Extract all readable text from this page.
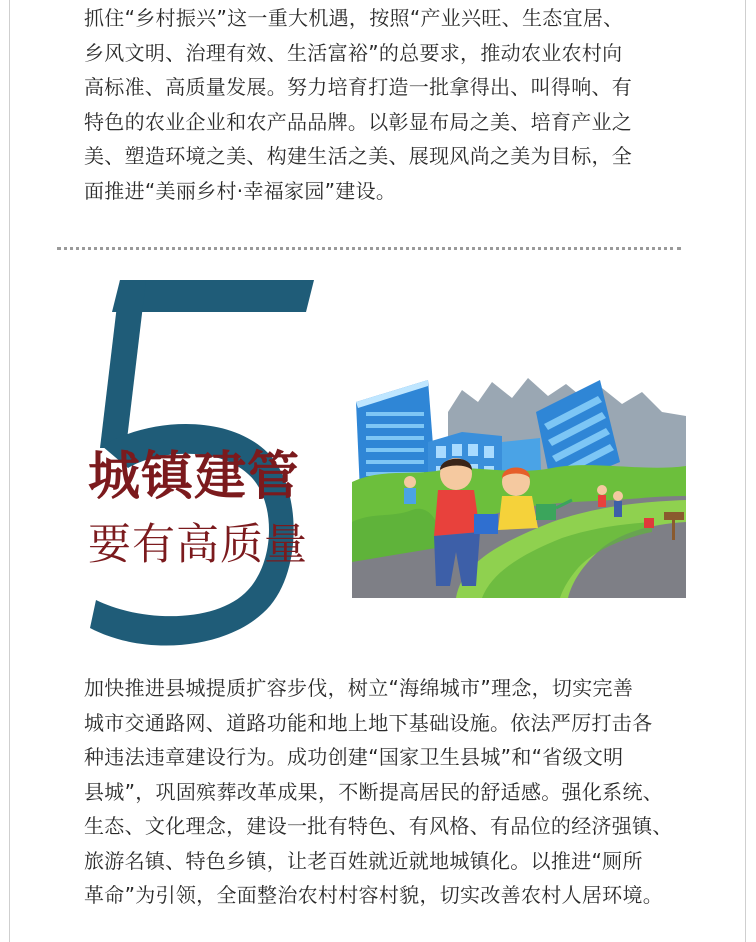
抓住“乡村振兴”这一重大机遇，按照“产业兴旺、生态宜居、
乡风文明、治理有效、生活富裕”的总要求，推动农业农村向
高标准、高质量发展。努力培育打造一批拿得出、叫得响、有
特色的农业企业和农产品品牌。以彰显布局之美、培育产业之
美、塑造环境之美、构建生活之美、展现风尚之美为目标，全
面推进“美丽乡村·幸福家园”建设。
城镇建管
要有高质量
加快推进县城提质扩容步伐，树立“海绵城市”理念，切实完善
城市交通路网、道路功能和地上地下基础设施。依法严厉打击各
种违法违章建设行为。成功创建“国家卫生县城”和“省级文明
县城”，巩固殡葬改革成果，不断提高居民的舒适感。强化系统、
生态、文化理念，建设一批有特色、有风格、有品位的经济强镇、
旅游名镇、特色乡镇，让老百姓就近就地城镇化。以推进“厕所
革命”为引领，全面整治农村村容村貌，切实改善农村人居环境。
